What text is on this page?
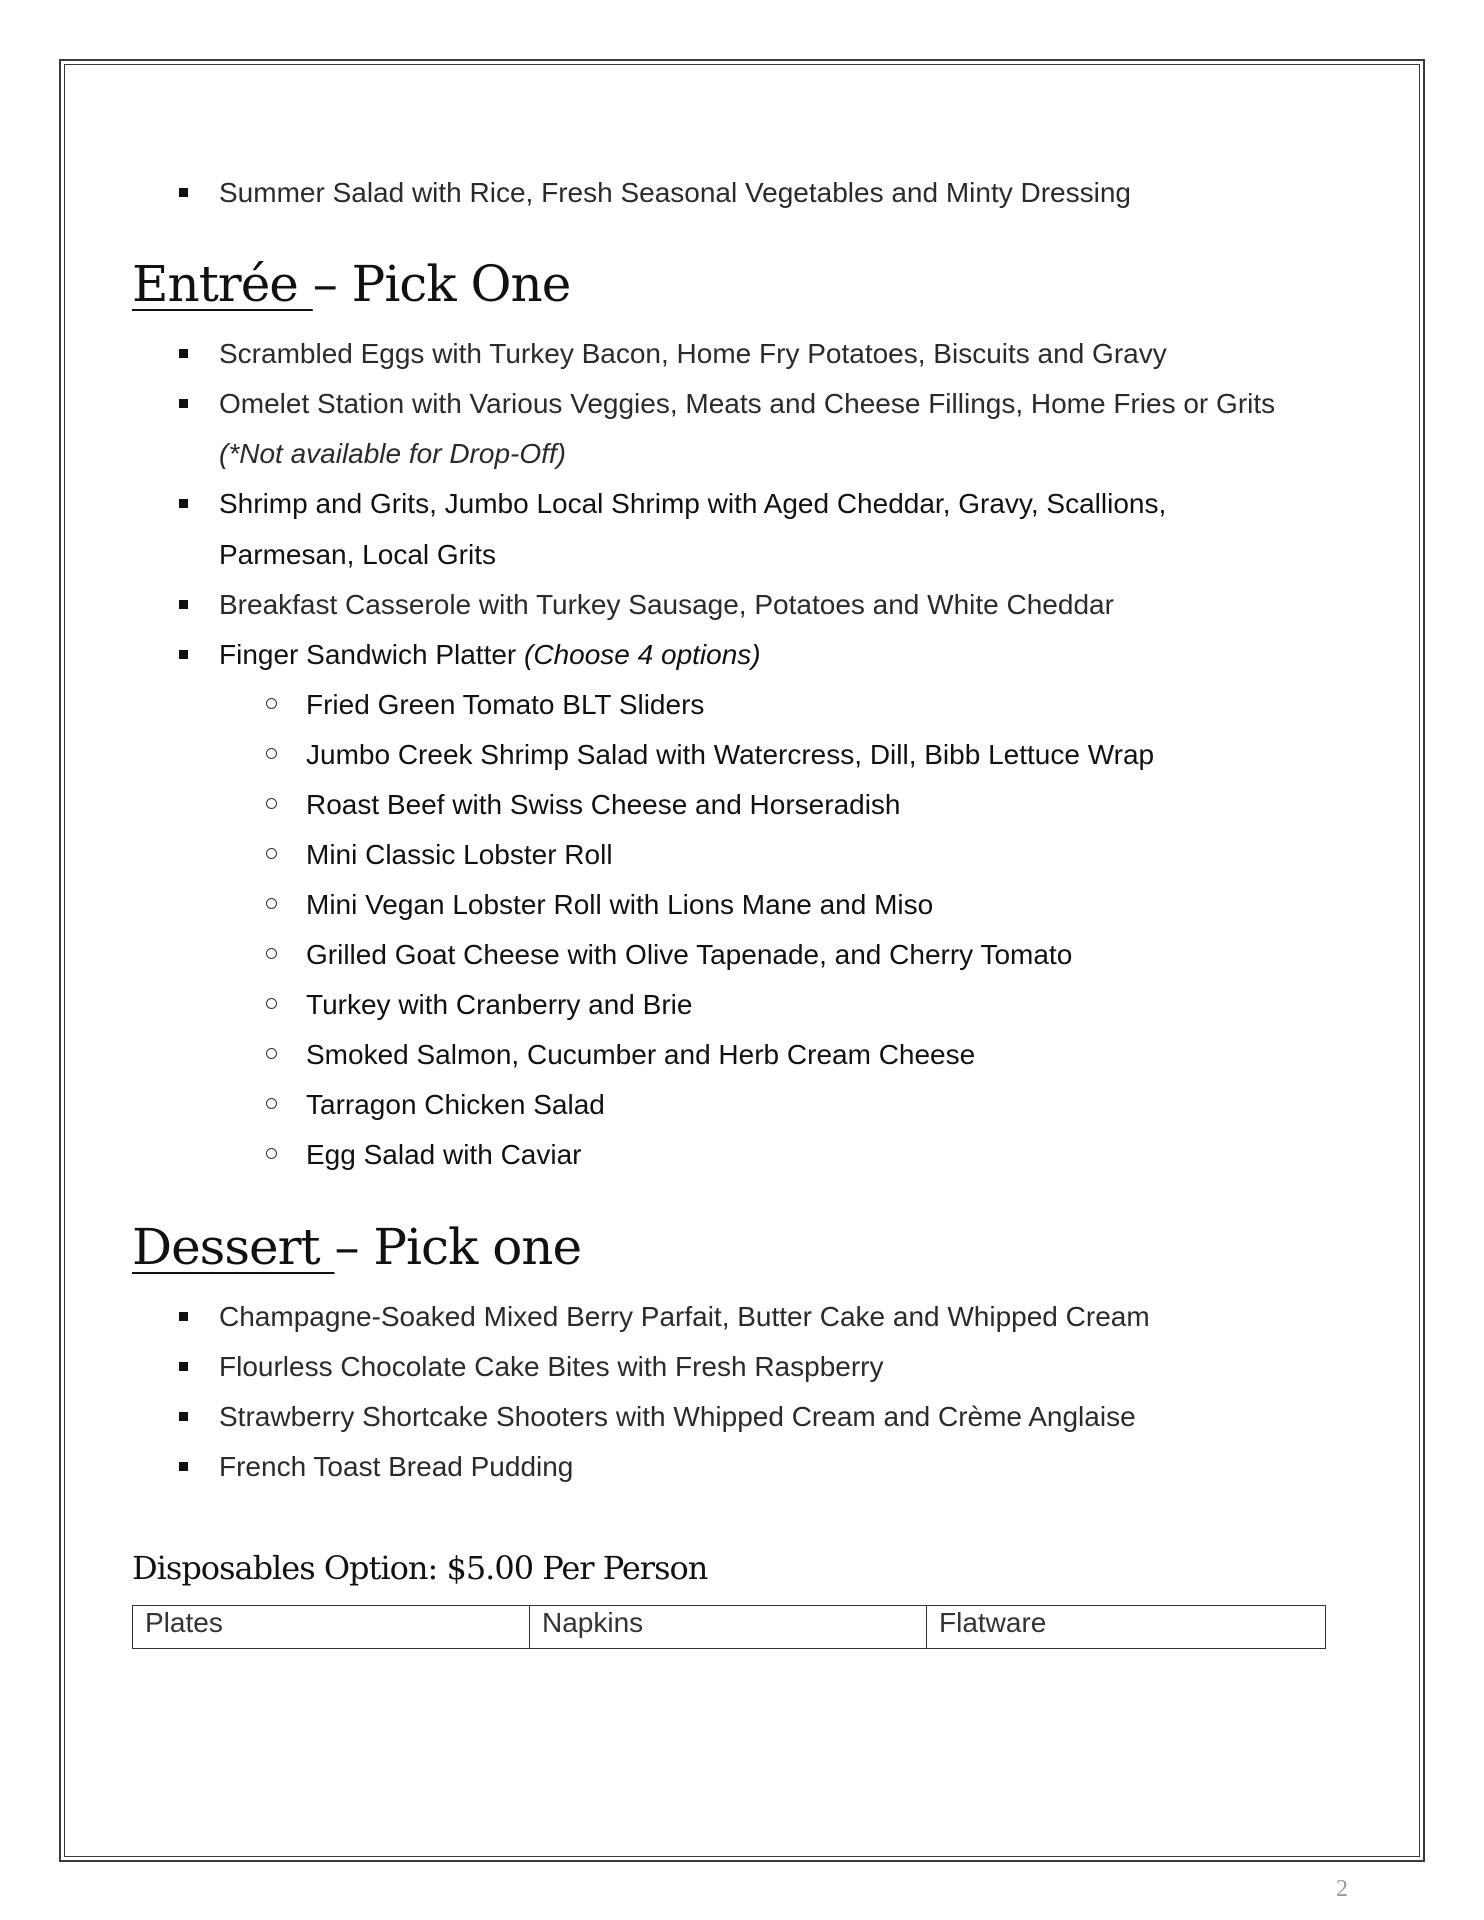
Summer Salad with Rice, Fresh Seasonal Vegetables and Minty Dressing
Entrée – Pick One
Scrambled Eggs with Turkey Bacon, Home Fry Potatoes, Biscuits and Gravy
Omelet Station with Various Veggies, Meats and Cheese Fillings, Home Fries or Grits
(*Not available for Drop-Off)
Shrimp and Grits, Jumbo Local Shrimp with Aged Cheddar, Gravy, Scallions,
Parmesan, Local Grits
Breakfast Casserole with Turkey Sausage, Potatoes and White Cheddar
Finger Sandwich Platter (Choose 4 options)
Fried Green Tomato BLT Sliders
Jumbo Creek Shrimp Salad with Watercress, Dill, Bibb Lettuce Wrap
Roast Beef with Swiss Cheese and Horseradish
Mini Classic Lobster Roll
Mini Vegan Lobster Roll with Lions Mane and Miso
Grilled Goat Cheese with Olive Tapenade, and Cherry Tomato
Turkey with Cranberry and Brie
Smoked Salmon, Cucumber and Herb Cream Cheese
Tarragon Chicken Salad
Egg Salad with Caviar
Dessert – Pick one
Champagne-Soaked Mixed Berry Parfait, Butter Cake and Whipped Cream
Flourless Chocolate Cake Bites with Fresh Raspberry
Strawberry Shortcake Shooters with Whipped Cream and Crème Anglaise
French Toast Bread Pudding
Disposables Option: $5.00 Per Person
Plates	Napkins	Flatware
2
